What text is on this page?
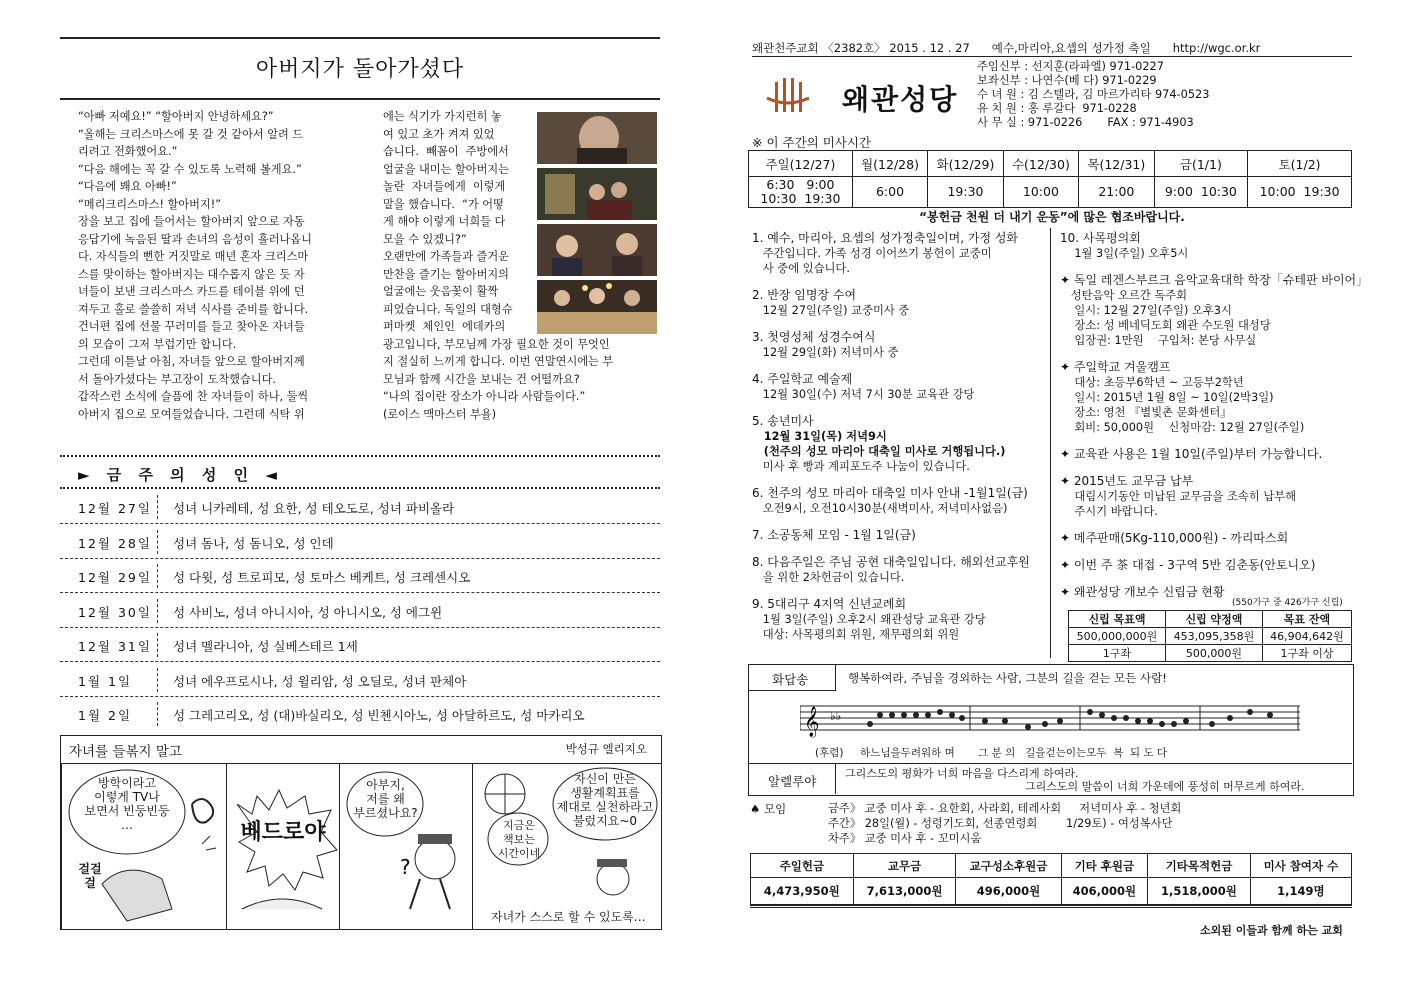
아버지가 돌아가셨다

“아빠 저예요!” “할아버지 안녕하세요?”

“올해는 크리스마스에 못 갈 것 같아서 알려 드

리려고 전화했어요.”

“다음 해에는 꼭 갈 수 있도록 노력해 볼게요.”

“다음에 봬요 아빠!”

“메리크리스마스! 할아버지!”

장을 보고 집에 들어서는 할아버지 앞으로 자동

응답기에 녹음된 딸과 손녀의 음성이 흘러나옵니

다. 자식들의 뻔한 거짓말로 매년 혼자 크리스마

스를 맞이하는 할아버지는 대수롭지 않은 듯 자

녀들이 보낸 크리스마스 카드를 테이블 위에 던

져두고 홀로 쓸쓸히 저녁 식사를 준비를 합니다.

건너편 집에 선물 꾸러미를 들고 찾아온 자녀들

의 모습이 그저 부럽기만 합니다.

그런데 이튿날 아침, 자녀들 앞으로 할아버지께

서 돌아가셨다는 부고장이 도착했습니다.

갑작스런 소식에 슬픔에 찬 자녀들이 하나, 둘씩

아버지 집으로 모여들었습니다. 그런데 식탁 위

에는 식기가 가지런히 놓

여 있고 초가 켜져 있었

습니다.  빼꼼이  주방에서

얼굴을 내미는 할아버지는

놀란  자녀들에게  이렇게

말을 했습니다.  “가 어떻

게 해야 이렇게 너희들 다

모을 수 있겠니?”

오랜만에 가족들과 즐거운

만찬을 즐기는 할아버지의

얼굴에는 웃음꽃이 활짝

피었습니다. 독일의 대형슈

퍼마켓  체인인  에데카의

광고입니다, 부모님께 가장 필요한 것이 무엇인

지 절실히 느끼게 합니다. 이번 연말연시에는 부

모님과 함께 시간을 보내는 건 어떨까요?

“나의 집이란 장소가 아니라 사람들이다.”

(로이스 맥마스터 부욜)

► 금 주 의 성 인 ◄
12월 27일	성녀 니카레테, 성 요한, 성 테오도로, 성녀 파비올라
12월 28일	성녀 돔나, 성 돔니오, 성 인데
12월 29일	성 다윗, 성 트로피모, 성 토마스 베케트, 성 크레센시오
12월 30일	성 사비노, 성녀 아니시아, 성 아니시오, 성 에그윈
12월 31일	성녀 멜라니아, 성 실베스테르 1세
1월 1일	성녀 에우프로시나, 성 윌리암, 성 오딜로, 성녀 판체아
1월 2일	성 그레고리오, 성 (대)바실리오, 성 빈첸시아노, 성 아달하르도, 성 마카리오
자녀를 들볶지 말고	박성규 엘리지오
방학이라고
이렇게 TV나
보면서 빈둥빈둥
…
걸걸
걸
베드로야
?
아부지,
저를 왜
부르셨나요?
자신이 만든
생활계획표를
제대로 실천하라고
불렀지요~0
지금은
책보는
시간이네
자녀가 스스로 할 수 있도록…
왜관천주교회 〈2382호〉 2015 . 12 . 27      예수,마리아,요셉의 성가정 축일      http://wgc.or.kr
왜관성당

주임신부 : 선지훈(라파엘) 971-0227

보좌신부 : 나연수(베 다) 971-0229

수 녀 원 : 김 스텔라, 김 마르가리타 974-0523

유 치 원 : 홍 루갈다  971-0228

사 무 실 : 971-0226       FAX : 971-4903

※ 이 주간의 미사시간
주일(12/27)	월(12/28)	화(12/29)	수(12/30)	목(12/31)	금(1/1)	토(1/2)
6:30   9:00
10:30  19:30	6:00	19:30	10:00	21:00	9:00  10:30	10:00  19:30
“봉헌금 천원 더 내기 운동”에 많은 협조바랍니다.

1. 예수, 마리아, 요셉의 성가정축일이며, 가정 성화

주간입니다. 가족 성경 이어쓰기 봉헌이 교중미

사 중에 있습니다.

2. 반장 임명장 수여

12월 27일(주일) 교중미사 중

3. 첫영성체 성경수여식

12월 29일(화) 저녁미사 중

4. 주일학교 예술제

12월 30일(수) 저녁 7시 30분 교육관 강당

5. 송년미사

12월 31일(목) 저녁9시

(천주의 성모 마리아 대축일 미사로 거행됩니다.)

미사 후 빵과 계피포도주 나눔이 있습니다.

6. 천주의 성모 마리아 대축일 미사 안내 -1월1일(금)

오전9시, 오전10시30분(새벽미사, 저녁미사없음)

7. 소공동체 모임 - 1월 1일(금)

8. 다음주일은 주님 공현 대축일입니다. 해외선교후원

을 위한 2차헌금이 있습니다.

9. 5대리구 4지역 신년교례회

1월 3일(주일) 오후2시 왜관성당 교육관 강당

대상: 사목평의회 위원, 재무평의회 위원

10. 사목평의회

1월 3일(주일) 오후5시

✦ 독일 레겐스부르크 음악교육대학 학장「슈테판 바이어」

성탄음악 오르간 독주회

일시: 12월 27일(주일) 오후3시

장소: 성 베네딕도회 왜관 수도원 대성당

입장권: 1만원    구입처: 본당 사무실

✦ 주일학교 겨울캠프

대상: 초등부6학년 ~ 고등부2학년

일시: 2015년 1월 8일 ~ 10일(2박3일)

장소: 영천 『별빛촌 문화센터』

회비: 50,000원    신청마감: 12월 27일(주일)

✦ 교육관 사용은 1월 10일(주일)부터 가능합니다.

✦ 2015년도 교무금 납부

대림시기동안 미납된 교무금을 조속히 납부해

주시기 바랍니다.

✦ 메주판매(5Kg-110,000원) - 까리따스회

✦ 이번 주 茶 대접 - 3구역 5반 김춘동(안토니오)

✦ 왜관성당 개보수 신립금 현황

(550가구 중 426가구 신립)
신립 목표액	신립 약정액	목표 잔액
500,000,000원	453,095,358원	46,904,642원
1구좌	500,000원	1구좌 이상
화답송	행복하여라, 주님을 경외하는 사람, 그분의 길을 걷는 모든 사람!
𝄞 ♭♭
(후렴)     하느님을두려워하 며       그 분 의   길을걷는이는모두  복  되 도 다
알렐루야
그리스도의 평화가 너희 마음을 다스리게 하여라.
그리스도의 말씀이 너희 가운데에 풍성히 머무르게 하여라.
♠ 모임	금주》 교중 미사 후 - 요한회, 사라회, 테레사회     저녁미사 후 - 청년회

주간》 28일(월) - 성령기도회, 선종연령회        1/29토) - 여성복사단

차주》 교중 미사 후 - 꼬미시움

주일헌금	교무금	교구성소후원금	기타 후원금	기타목적헌금	미사 참여자 수
4,473,950원	7,613,000원	496,000원	406,000원	1,518,000원	1,149명
소외된 이들과 함께 하는 교회
